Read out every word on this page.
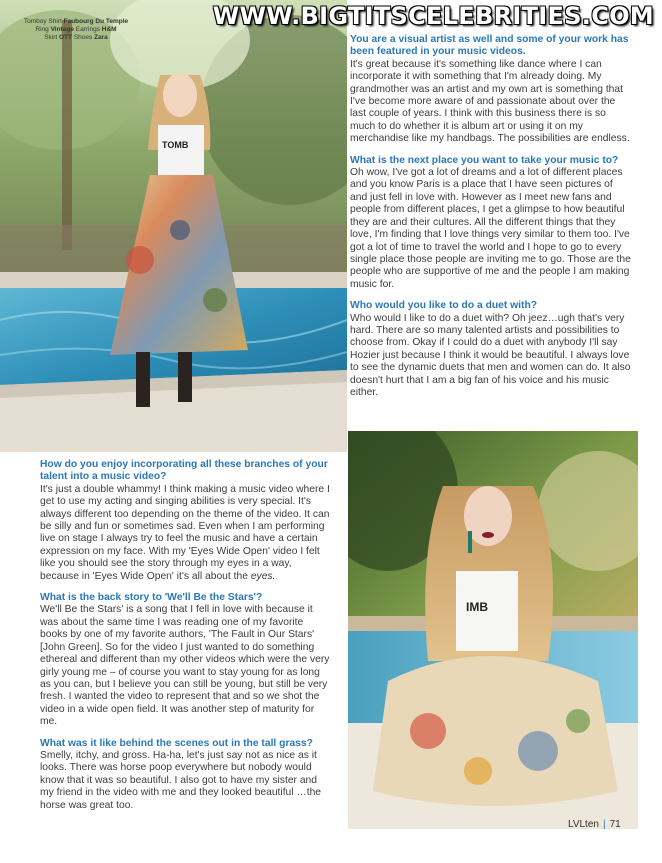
TOMB
Tomboy Shirt Faubourg Du Temple
Ring Vintage Earrings H&M
Skirt OTT Shoes Zara
WWW.BIGTITSCELEBRITIES.COM

You are a visual artist as well and some of your work has been featured in your music videos.

It's great because it's something like dance where I can incorporate it with something that I'm already doing. My grandmother was an artist and my own art is something that I've become more aware of and passionate about over the last couple of years. I think with this business there is so much to do whether it is album art or using it on my merchandise like my handbags. The possibilities are endless.

What is the next place you want to take your music to?

Oh wow, I've got a lot of dreams and a lot of different places and you know Paris is a place that I have seen pictures of and just fell in love with. However as I meet new fans and people from different places, I get a glimpse to how beautiful they are and their cultures. All the different things that they love, I'm finding that I love things very similar to them too. I've got a lot of time to travel the world and I hope to go to every single place those people are inviting me to go. Those are the people who are supportive of me and the people I am making music for.

Who would you like to do a duet with?

Who would I like to do a duet with? Oh jeez…ugh that's very hard. There are so many talented artists and possibilities to choose from. Okay if I could do a duet with anybody I'll say Hozier just because I think it would be beautiful. I always love to see the dynamic duets that men and women can do. It also doesn't hurt that I am a big fan of his voice and his music either.

IMB

How do you enjoy incorporating all these branches of your talent into a music video?

It's just a double whammy! I think making a music video where I get to use my acting and singing abilities is very special. It's always different too depending on the theme of the video. It can be silly and fun or sometimes sad. Even when I am performing live on stage I always try to feel the music and have a certain expression on my face. With my 'Eyes Wide Open' video I felt like you should see the story through my eyes in a way, because in 'Eyes Wide Open' it's all about the eyes.

What is the back story to 'We'll Be the Stars'?

We'll Be the Stars' is a song that I fell in love with because it was about the same time I was reading one of my favorite books by one of my favorite authors, 'The Fault in Our Stars' [John Green]. So for the video I just wanted to do something ethereal and different than my other videos which were the very girly young me – of course you want to stay young for as long as you can, but I believe you can still be young, but still be very fresh. I wanted the video to represent that and so we shot the video in a wide open field. It was another step of maturity for me.

What was it like behind the scenes out in the tall grass?

Smelly, itchy, and gross. Ha-ha, let's just say not as nice as it looks. There was horse poop everywhere but nobody would know that it was so beautiful. I also got to have my sister and my friend in the video with me and they looked beautiful …the horse was great too.

LVLten | 71
